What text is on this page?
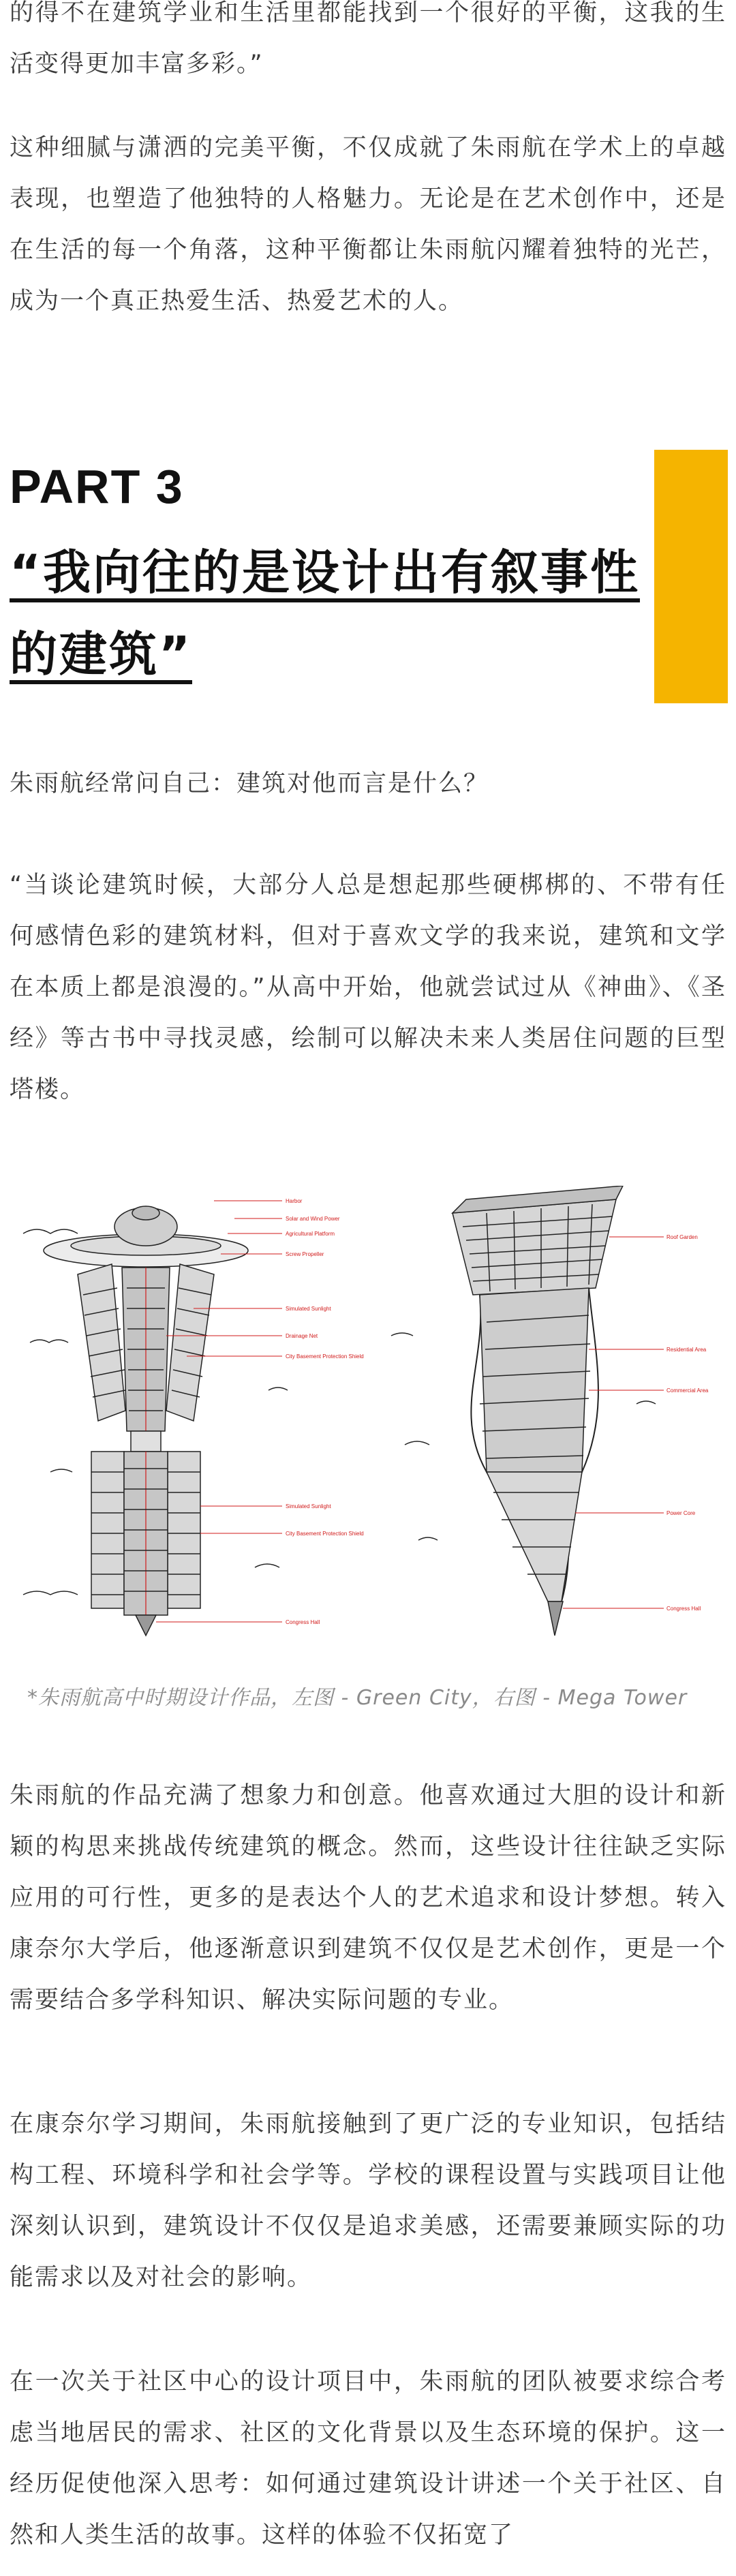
的得不在建筑学业和生活里都能找到一个很好的平衡，这我的生活变得更加丰富多彩。”

这种细腻与潇洒的完美平衡，不仅成就了朱雨航在学术上的卓越表现，也塑造了他独特的人格魅力。无论是在艺术创作中，还是在生活的每一个角落，这种平衡都让朱雨航闪耀着独特的光芒，成为一个真正热爱生活、热爱艺术的人。

PART 3
“我向往的是设计出有叙事性的建筑”

朱雨航经常问自己：建筑对他而言是什么？

“当谈论建筑时候，大部分人总是想起那些硬梆梆的、不带有任何感情色彩的建筑材料，但对于喜欢文学的我来说，建筑和文学在本质上都是浪漫的。”从高中开始，他就尝试过从《神曲》、《圣经》等古书中寻找灵感，绘制可以解决未来人类居住问题的巨型塔楼。

Harbor
Solar and Wind Power
Agricultural Platform
Screw Propeller
Simulated Sunlight
Drainage Net
City Basement Protection Shield
Simulated Sunlight
City Basement Protection Shield
Congress Hall
Roof Garden
Residential Area
Commercial Area
Power Core
Congress Hall

*朱雨航高中时期设计作品，左图 - Green City，右图 - Mega Tower

朱雨航的作品充满了想象力和创意。他喜欢通过大胆的设计和新颖的构思来挑战传统建筑的概念。然而，这些设计往往缺乏实际应用的可行性，更多的是表达个人的艺术追求和设计梦想。转入康奈尔大学后，他逐渐意识到建筑不仅仅是艺术创作，更是一个需要结合多学科知识、解决实际问题的专业。

在康奈尔学习期间，朱雨航接触到了更广泛的专业知识，包括结构工程、环境科学和社会学等。学校的课程设置与实践项目让他深刻认识到，建筑设计不仅仅是追求美感，还需要兼顾实际的功能需求以及对社会的影响。

在一次关于社区中心的设计项目中，朱雨航的团队被要求综合考虑当地居民的需求、社区的文化背景以及生态环境的保护。这一经历促使他深入思考：如何通过建筑设计讲述一个关于社区、自然和人类生活的故事。这样的体验不仅拓宽了
